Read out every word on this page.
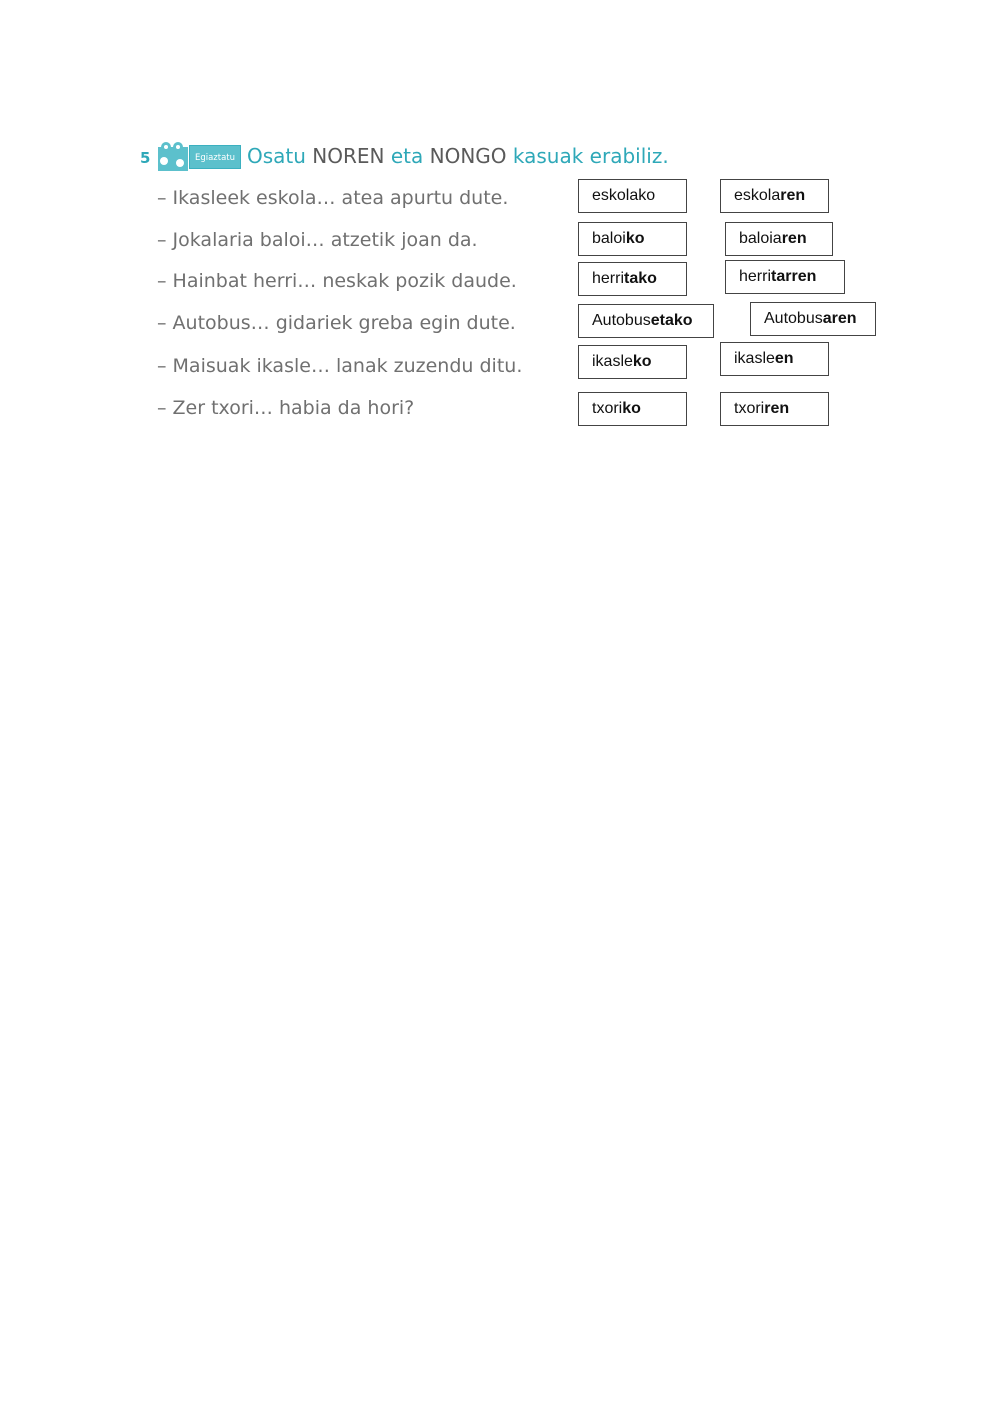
5	Egiaztatu Osatu NOREN eta NONGO kasuak erabiliz.
– Ikasleek eskola… atea apurtu dute.
– Jokalaria baloi… atzetik joan da.
– Hainbat herri… neskak pozik daude.
– Autobus… gidariek greba egin dute.
– Maisuak ikasle… lanak zuzendu ditu.
– Zer txori… habia da hori?
eskolako	eskolaren
baloiko	baloiaren
herritako	herritarren
Autobusetako	Autobusaren
ikasleko	ikasleen
txoriko	txoriren
